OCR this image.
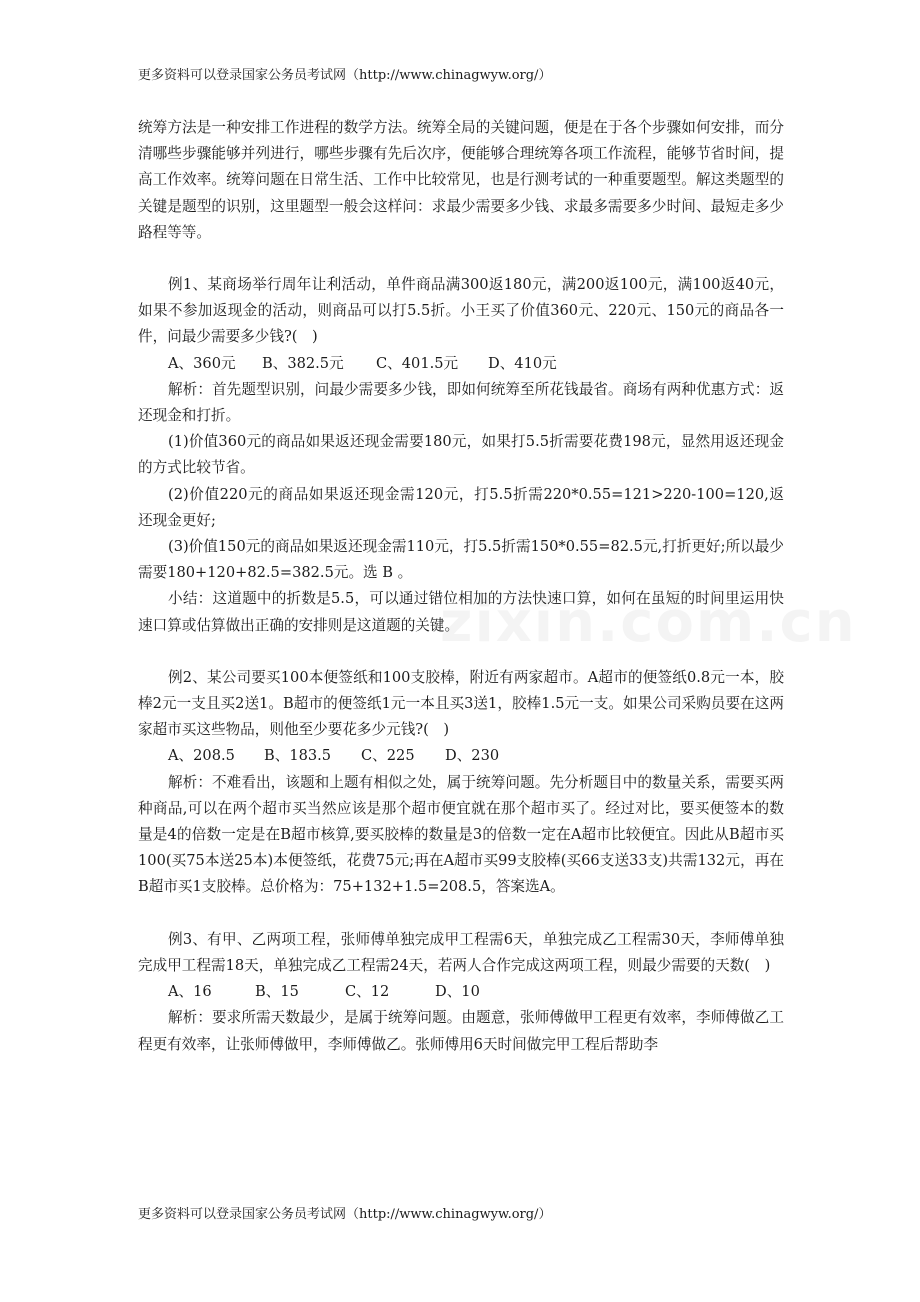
更多资料可以登录国家公务员考试网（http://www.chinagwyw.org/）

统筹方法是一种安排工作进程的数学方法。统筹全局的关键问题，便是在于各个步骤如何安排，而分清哪些步骤能够并列进行，哪些步骤有先后次序，便能够合理统筹各项工作流程，能够节省时间，提高工作效率。统筹问题在日常生活、工作中比较常见，也是行测考试的一种重要题型。解这类题型的关键是题型的识别，这里题型一般会这样问：求最少需要多少钱、求最多需要多少时间、最短走多少路程等等。

例1、某商场举行周年让利活动，单件商品满300返180元，满200返100元，满100返40元，如果不参加返现金的活动，则商品可以打5.5折。小王买了价值360元、220元、150元的商品各一件，问最少需要多少钱?(　)

A、360元 B、382.5元 C、401.5元 D、410元

解析：首先题型识别，问最少需要多少钱，即如何统筹至所花钱最省。商场有两种优惠方式：返还现金和打折。

(1)价值360元的商品如果返还现金需要180元，如果打5.5折需要花费198元，显然用返还现金的方式比较节省。

(2)价值220元的商品如果返还现金需120元，打5.5折需220*0.55=121>220-100=120,返还现金更好;

(3)价值150元的商品如果返还现金需110元，打5.5折需150*0.55=82.5元,打折更好;所以最少需要180+120+82.5=382.5元。选 B 。

小结：这道题中的折数是5.5，可以通过错位相加的方法快速口算，如何在虽短的时间里运用快速口算或估算做出正确的安排则是这道题的关键。

例2、某公司要买100本便签纸和100支胶棒，附近有两家超市。A超市的便签纸0.8元一本，胶棒2元一支且买2送1。B超市的便签纸1元一本且买3送1，胶棒1.5元一支。如果公司采购员要在这两家超市买这些物品，则他至少要花多少元钱?(　)

A、208.5 B、183.5 C、225 D、230

解析：不难看出，该题和上题有相似之处，属于统筹问题。先分析题目中的数量关系，需要买两种商品,可以在两个超市买当然应该是那个超市便宜就在那个超市买了。经过对比，要买便签本的数量是4的倍数一定是在B超市核算,要买胶棒的数量是3的倍数一定在A超市比较便宜。因此从B超市买100(买75本送25本)本便签纸，花费75元;再在A超市买99支胶棒(买66支送33支)共需132元，再在B超市买1支胶棒。总价格为：75+132+1.5=208.5，答案选A。

例3、有甲、乙两项工程，张师傅单独完成甲工程需6天，单独完成乙工程需30天，李师傅单独完成甲工程需18天，单独完成乙工程需24天，若两人合作完成这两项工程，则最少需要的天数(　)

A、16	B、15	C、12	D、10

解析：要求所需天数最少，是属于统筹问题。由题意，张师傅做甲工程更有效率，李师傅做乙工程更有效率，让张师傅做甲，李师傅做乙。张师傅用6天时间做完甲工程后帮助李

更多资料可以登录国家公务员考试网（http://www.chinagwyw.org/）
